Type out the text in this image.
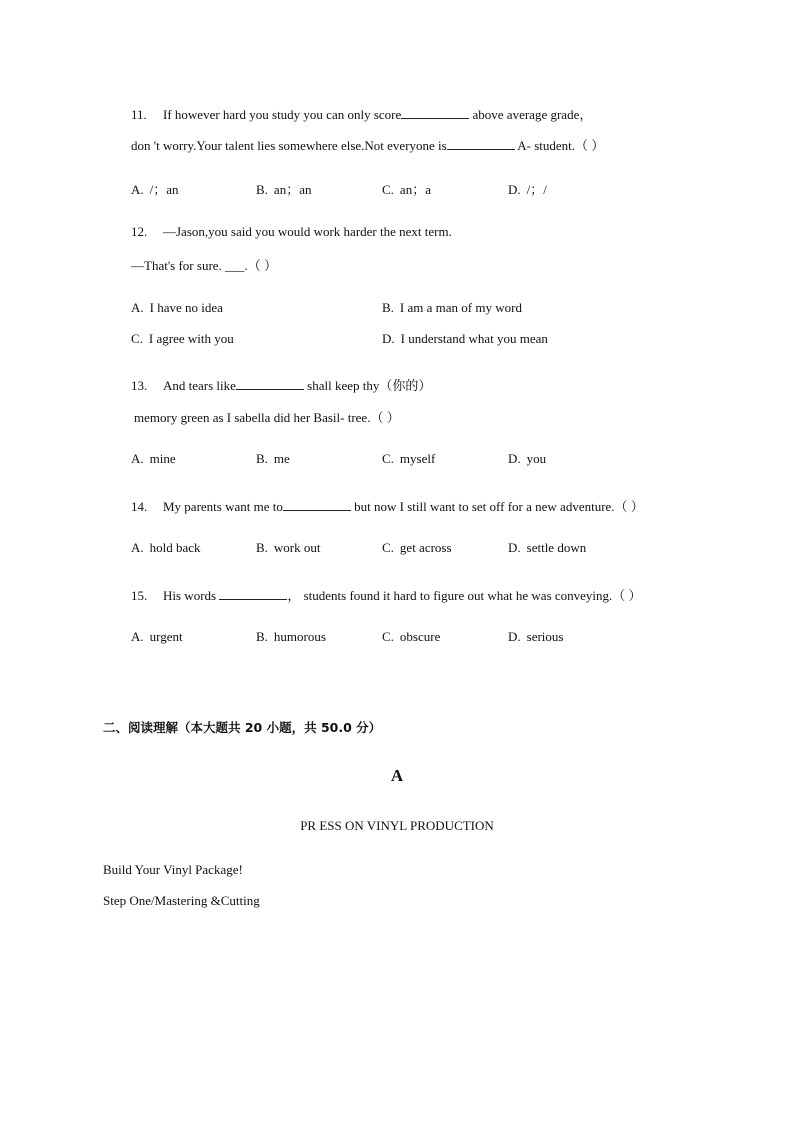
11. If however hard you study you can only score	above average grade，
don 't worry.Your talent lies somewhere else.Not everyone is	A- student.（ ）
A. /；an	B. an；an	C. an；a	D. /；/
12. —Jason,you said you would work harder the next term.
—That's for sure. ___.（ ）
A. I have no idea	B. I am a man of my word
C. I agree with you	D. I understand what you mean
13. And tears like	shall keep thy（你的）
memory green as I sabella did her Basil- tree.（ ）
A. mine	B. me	C. myself	D. you
14. My parents want me to	but now I still want to set off for a new adventure.（ ）
A. hold back	B. work out	C. get across	D. settle down
15. His words	， students found it hard to figure out what he was conveying.（ ）
A. urgent	B. humorous	C. obscure	D. serious
二、阅读理解（本大题共 20 小题，共 50.0 分）
A
PR ESS ON VINYL PRODUCTION
Build Your Vinyl Package!
Step One/Mastering &Cutting
